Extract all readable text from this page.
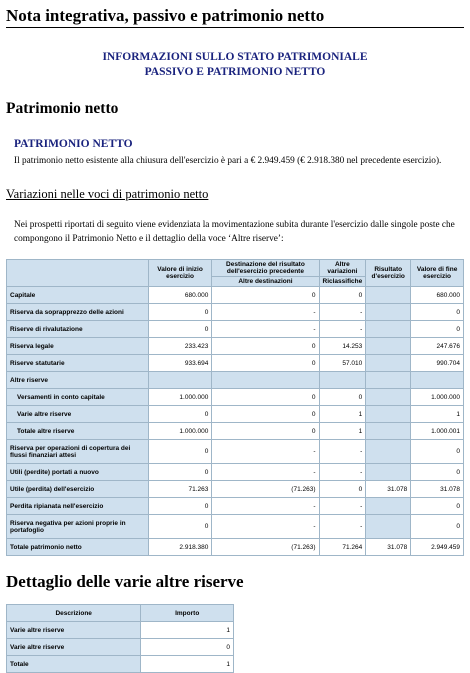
Nota integrativa, passivo e patrimonio netto
INFORMAZIONI SULLO STATO PATRIMONIALE
PASSIVO E PATRIMONIO NETTO
Patrimonio netto
PATRIMONIO NETTO
Il patrimonio netto esistente alla chiusura dell'esercizio è pari a € 2.949.459 (€ 2.918.380 nel precedente esercizio).
Variazioni nelle voci di patrimonio netto
Nei prospetti riportati di seguito viene evidenziata la movimentazione subita durante l'esercizio dalle singole poste che compongono il Patrimonio Netto e il dettaglio della voce ‘Altre riserve’:
	Valore di inizio esercizio	Destinazione del risultato dell'esercizio precedente	Altre variazioni	Risultato d'esercizio	Valore di fine esercizio
		Altre destinazioni	Riclassifiche		
Capitale	680.000	0	0		680.000
Riserva da soprapprezzo delle azioni	0	-	-		0
Riserve di rivalutazione	0	-	-		0
Riserva legale	233.423	0	14.253		247.676
Riserve statutarie	933.694	0	57.010		990.704
Altre riserve					
Versamenti in conto capitale	1.000.000	0	0		1.000.000
Varie altre riserve	0	0	1		1
Totale altre riserve	1.000.000	0	1		1.000.001
Riserva per operazioni di copertura dei flussi finanziari attesi	0	-	-		0
Utili (perdite) portati a nuovo	0	-	-		0
Utile (perdita) dell'esercizio	71.263	(71.263)	0	31.078	31.078
Perdita ripianata nell'esercizio	0	-	-		0
Riserva negativa per azioni proprie in portafoglio	0	-	-		0
Totale patrimonio netto	2.918.380	(71.263)	71.264	31.078	2.949.459
Dettaglio delle varie altre riserve
Descrizione	Importo
Varie altre riserve	1
Varie altre riserve	0
Totale	1
